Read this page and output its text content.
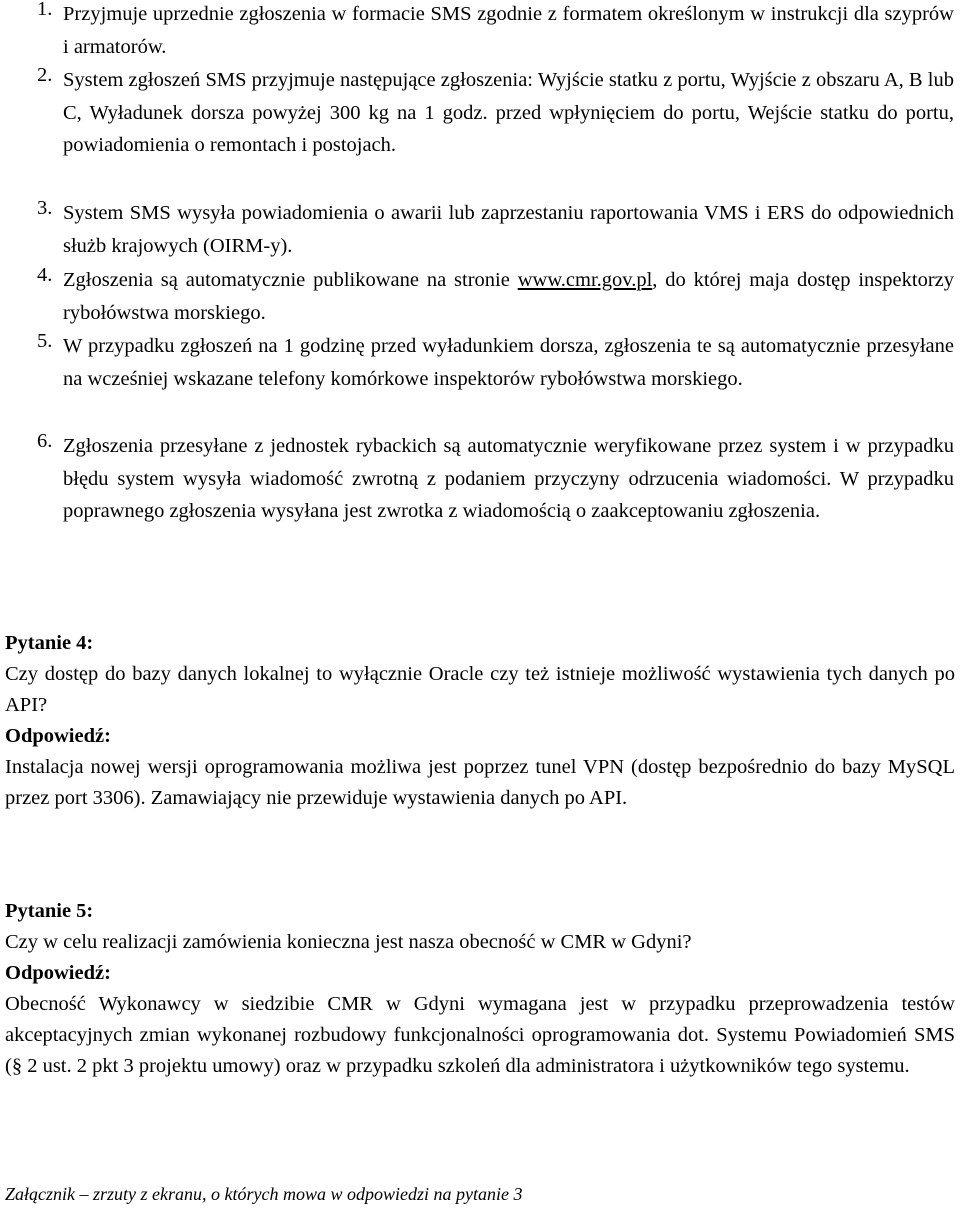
1. Przyjmuje uprzednie zgłoszenia w formacie SMS zgodnie z formatem określonym w instrukcji dla szyprów i armatorów.
2. System zgłoszeń SMS przyjmuje następujące zgłoszenia: Wyjście statku z portu, Wyjście z obszaru A, B lub C, Wyładunek dorsza powyżej 300 kg na 1 godz. przed wpłynięciem do portu, Wejście statku do portu, powiadomienia o remontach i postojach.
3. System SMS wysyła powiadomienia o awarii lub zaprzestaniu raportowania VMS i ERS do odpowiednich służb krajowych (OIRM-y).
4. Zgłoszenia są automatycznie publikowane na stronie www.cmr.gov.pl, do której maja dostęp inspektorzy rybołówstwa morskiego.
5. W przypadku zgłoszeń na 1 godzinę przed wyładunkiem dorsza, zgłoszenia te są automatycznie przesyłane na wcześniej wskazane telefony komórkowe inspektorów rybołówstwa morskiego.
6. Zgłoszenia przesyłane z jednostek rybackich są automatycznie weryfikowane przez system i w przypadku błędu system wysyła wiadomość zwrotną z podaniem przyczyny odrzucenia wiadomości. W przypadku poprawnego zgłoszenia wysyłana jest zwrotka z wiadomością o zaakceptowaniu zgłoszenia.

Pytanie 4:

Czy dostęp do bazy danych lokalnej to wyłącznie Oracle czy też istnieje możliwość wystawienia tych danych po API?

Odpowiedź:

Instalacja nowej wersji oprogramowania możliwa jest poprzez tunel VPN (dostęp bezpośrednio do bazy MySQL przez port 3306). Zamawiający nie przewiduje wystawienia danych po API.

Pytanie 5:

Czy w celu realizacji zamówienia konieczna jest nasza obecność w CMR w Gdyni?

Odpowiedź:

Obecność Wykonawcy w siedzibie CMR w Gdyni wymagana jest w przypadku przeprowadzenia testów akceptacyjnych zmian wykonanej rozbudowy funkcjonalności oprogramowania dot. Systemu Powiadomień SMS (§ 2 ust. 2 pkt 3 projektu umowy) oraz w przypadku szkoleń dla administratora i użytkowników tego systemu.

Załącznik – zrzuty z ekranu, o których mowa w odpowiedzi na pytanie 3
